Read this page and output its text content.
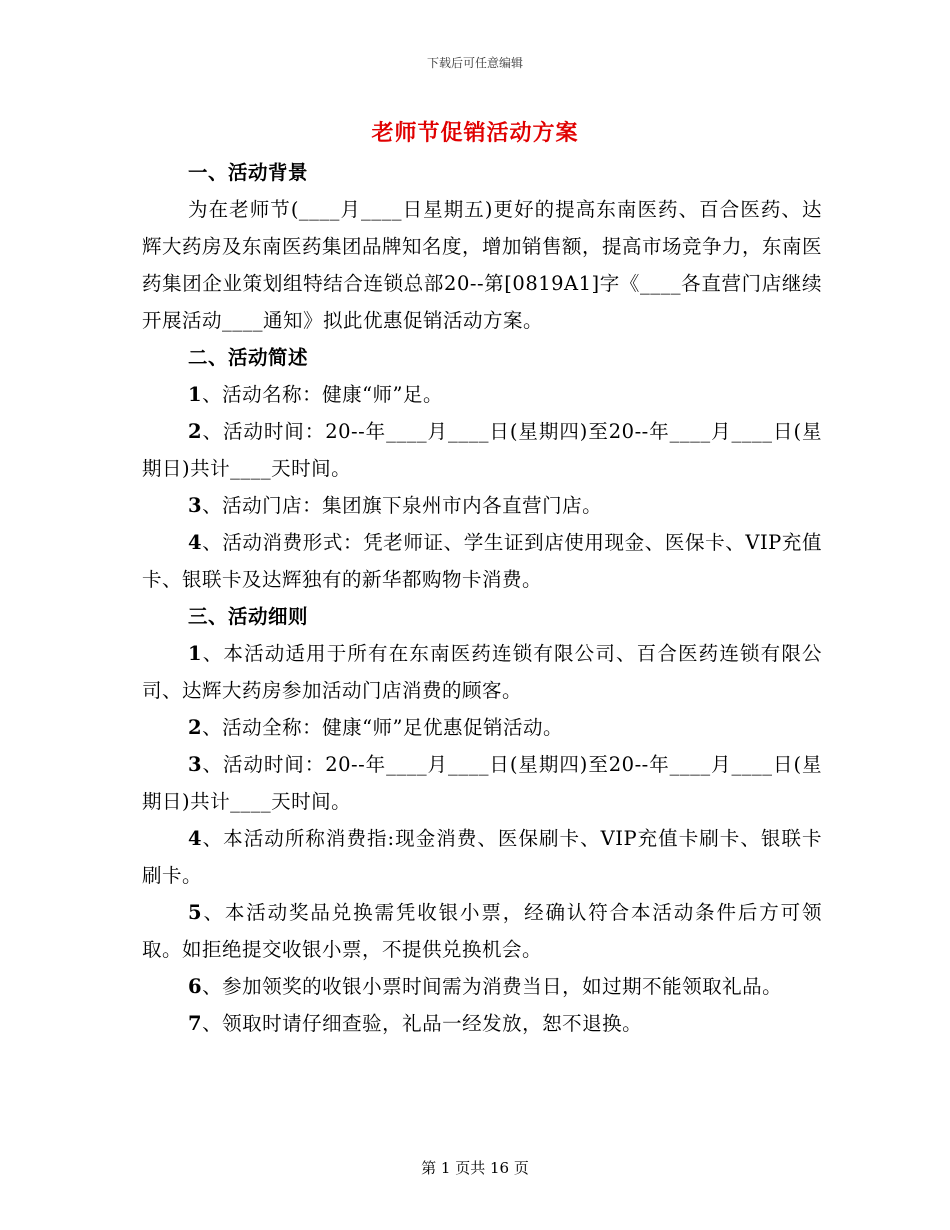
下载后可任意编辑
老师节促销活动方案
一、活动背景
为在老师节(____月____日星期五)更好的提高东南医药、百合医药、达辉大药房及东南医药集团品牌知名度，增加销售额，提高市场竞争力，东南医药集团企业策划组特结合连锁总部20--第[0819A1]字《____各直营门店继续开展活动____通知》拟此优惠促销活动方案。
二、活动简述
1、活动名称：健康“师”足。
2、活动时间：20--年____月____日(星期四)至20--年____月____日(星期日)共计____天时间。
3、活动门店：集团旗下泉州市内各直营门店。
4、活动消费形式：凭老师证、学生证到店使用现金、医保卡、VIP充值卡、银联卡及达辉独有的新华都购物卡消费。
三、活动细则
1、本活动适用于所有在东南医药连锁有限公司、百合医药连锁有限公司、达辉大药房参加活动门店消费的顾客。
2、活动全称：健康“师”足优惠促销活动。
3、活动时间：20--年____月____日(星期四)至20--年____月____日(星期日)共计____天时间。
4、本活动所称消费指:现金消费、医保刷卡、VIP充值卡刷卡、银联卡刷卡。
5、本活动奖品兑换需凭收银小票，经确认符合本活动条件后方可领取。如拒绝提交收银小票，不提供兑换机会。
6、参加领奖的收银小票时间需为消费当日，如过期不能领取礼品。
7、领取时请仔细查验，礼品一经发放，恕不退换。
第 1 页共 16 页
